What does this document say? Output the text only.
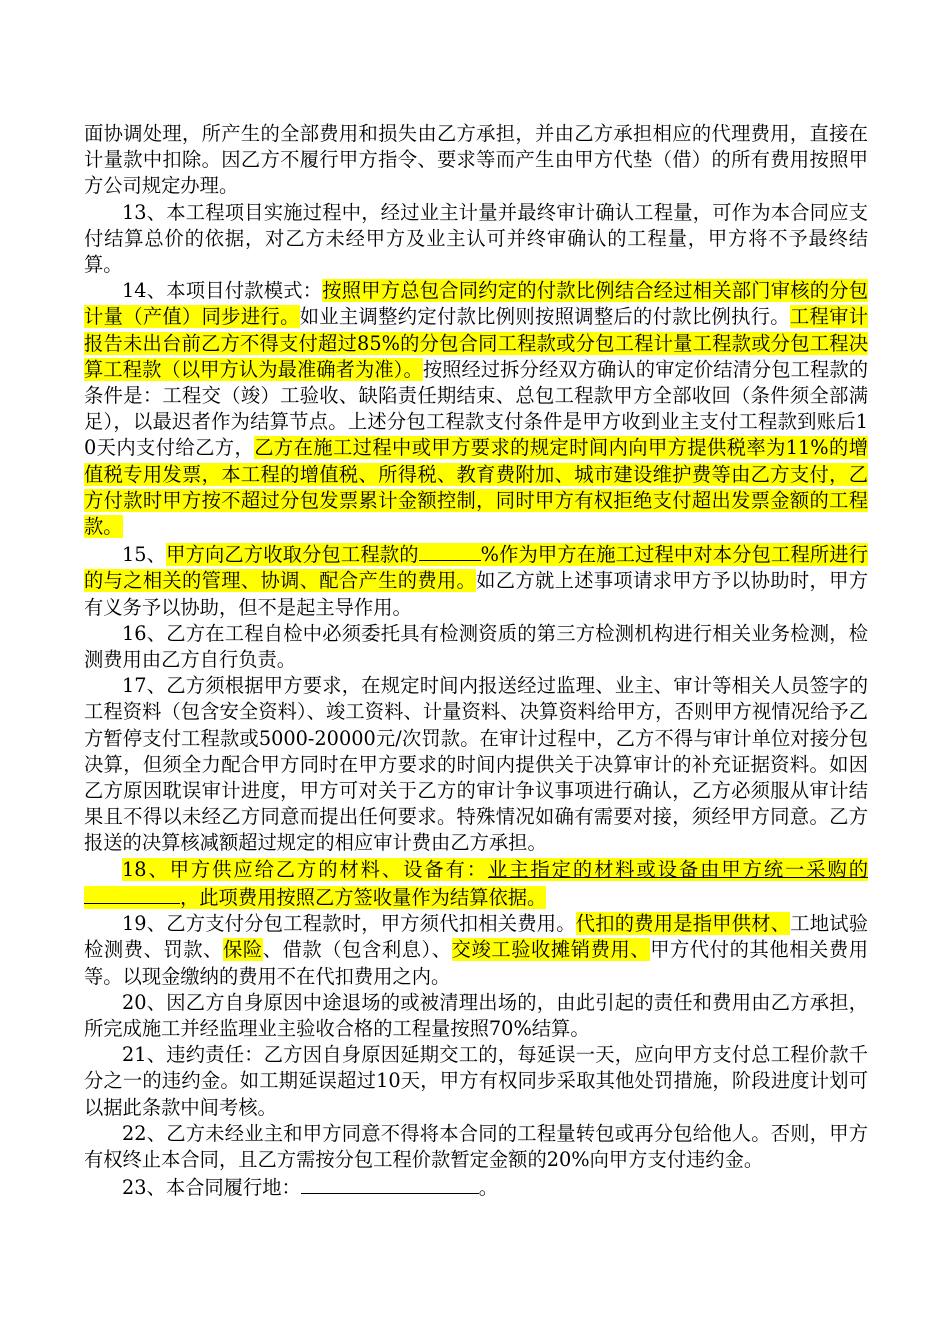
面协调处理，所产生的全部费用和损失由乙方承担，并由乙方承担相应的代理费用，直接在计量款中扣除。因乙方不履行甲方指令、要求等而产生由甲方代垫（借）的所有费用按照甲方公司规定办理。

13、本工程项目实施过程中，经过业主计量并最终审计确认工程量，可作为本合同应支付结算总价的依据，对乙方未经甲方及业主认可并终审确认的工程量，甲方将不予最终结算。

14、本项目付款模式：按照甲方总包合同约定的付款比例结合经过相关部门审核的分包计量（产值）同步进行。如业主调整约定付款比例则按照调整后的付款比例执行。工程审计报告未出台前乙方不得支付超过85%的分包合同工程款或分包工程计量工程款或分包工程决算工程款（以甲方认为最准确者为准）。按照经过拆分经双方确认的审定价结清分包工程款的条件是：工程交（竣）工验收、缺陷责任期结束、总包工程款甲方全部收回（条件须全部满足），以最迟者作为结算节点。上述分包工程款支付条件是甲方收到业主支付工程款到账后10天内支付给乙方，乙方在施工过程中或甲方要求的规定时间内向甲方提供税率为11%的增值税专用发票，本工程的增值税、所得税、教育费附加、城市建设维护费等由乙方支付，乙方付款时甲方按不超过分包发票累计金额控制，同时甲方有权拒绝支付超出发票金额的工程款。

15、甲方向乙方收取分包工程款的	%作为甲方在施工过程中对本分包工程所进行的与之相关的管理、协调、配合产生的费用。如乙方就上述事项请求甲方予以协助时，甲方有义务予以协助，但不是起主导作用。

16、乙方在工程自检中必须委托具有检测资质的第三方检测机构进行相关业务检测，检测费用由乙方自行负责。

17、乙方须根据甲方要求，在规定时间内报送经过监理、业主、审计等相关人员签字的工程资料（包含安全资料）、竣工资料、计量资料、决算资料给甲方，否则甲方视情况给予乙方暂停支付工程款或5000-20000元/次罚款。在审计过程中，乙方不得与审计单位对接分包决算，但须全力配合甲方同时在甲方要求的时间内提供关于决算审计的补充证据资料。如因乙方原因耽误审计进度，甲方可对关于乙方的审计争议事项进行确认，乙方必须服从审计结果且不得以未经乙方同意而提出任何要求。特殊情况如确有需要对接，须经甲方同意。乙方报送的决算核减额超过规定的相应审计费由乙方承担。

18、甲方供应给乙方的材料、设备有：业主指定的材料或设备由甲方统一采购的，此项费用按照乙方签收量作为结算依据。

19、乙方支付分包工程款时，甲方须代扣相关费用。代扣的费用是指甲供材、工地试验检测费、罚款、保险、借款（包含利息）、交竣工验收摊销费用、甲方代付的其他相关费用等。以现金缴纳的费用不在代扣费用之内。

20、因乙方自身原因中途退场的或被清理出场的，由此引起的责任和费用由乙方承担，所完成施工并经监理业主验收合格的工程量按照70%结算。

21、违约责任：乙方因自身原因延期交工的，每延误一天，应向甲方支付总工程价款千分之一的违约金。如工期延误超过10天，甲方有权同步采取其他处罚措施，阶段进度计划可以据此条款中间考核。

22、乙方未经业主和甲方同意不得将本合同的工程量转包或再分包给他人。否则，甲方有权终止本合同，且乙方需按分包工程价款暂定金额的20%向甲方支付违约金。

23、本合同履行地：	。
